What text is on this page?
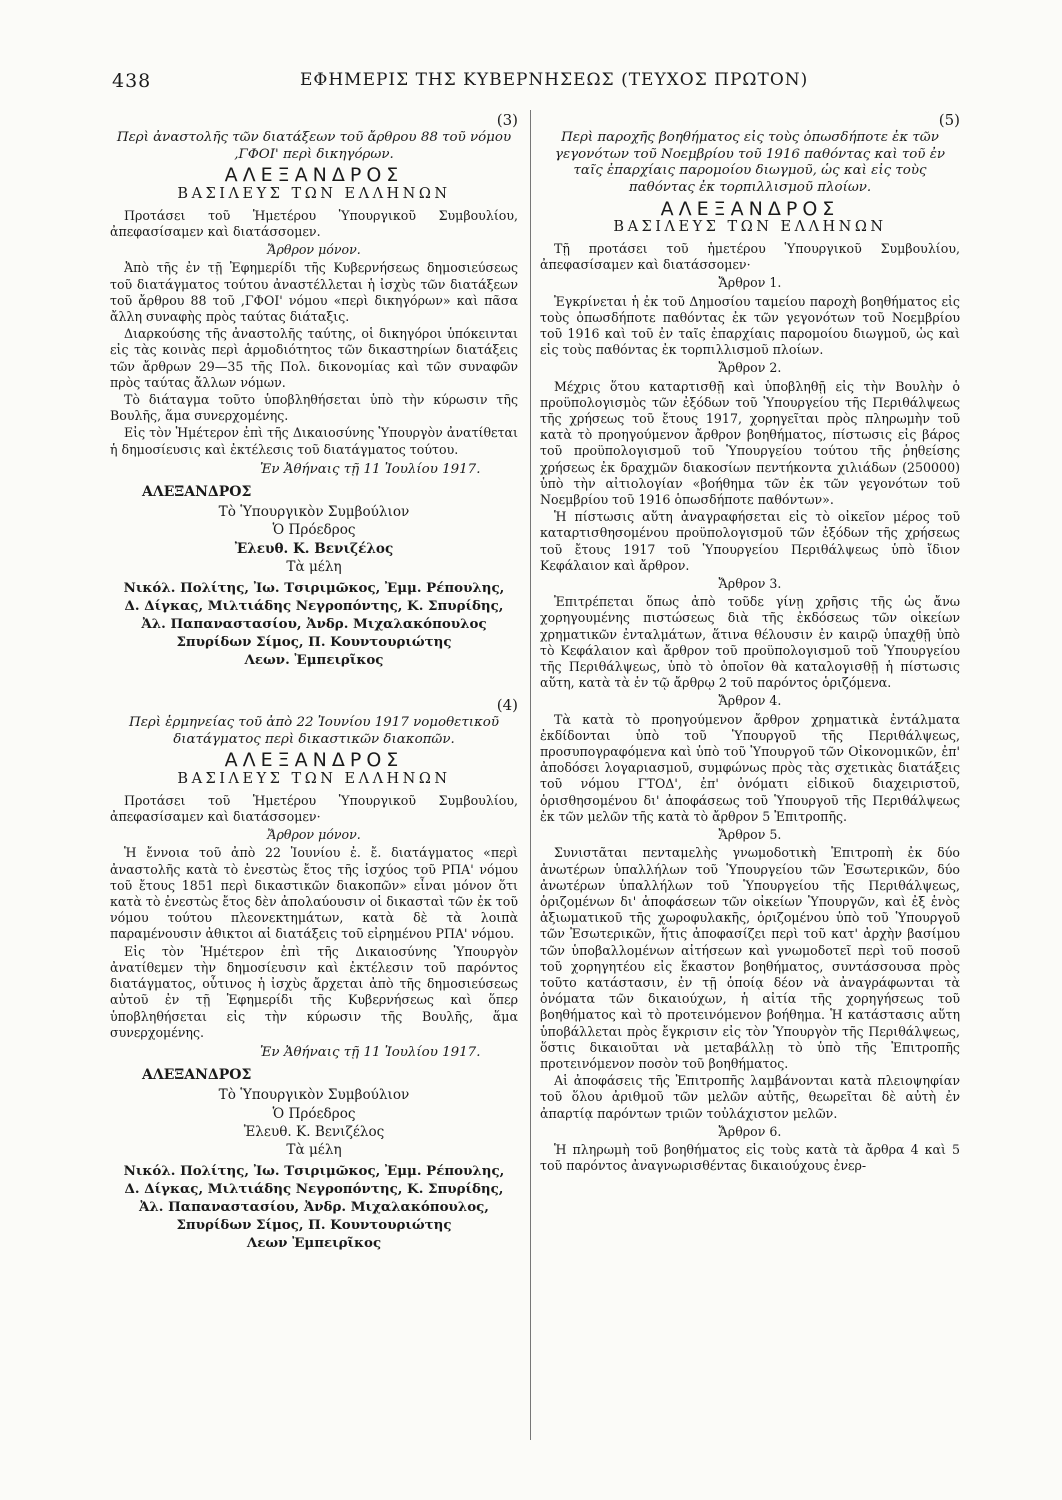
438	ΕΦΗΜΕΡΙΣ ΤΗΣ ΚΥΒΕΡΝΗΣΕΩΣ (ΤΕΥΧΟΣ ΠΡΩΤΟΝ)
(3)
Περὶ ἀναστολῆς τῶν διατάξεων τοῦ ἄρθρου 88 τοῦ νόμου ,ΓΦΟΙ' περὶ δικηγόρων.
ΑΛΕΞΑΝΔΡΟΣ
ΒΑΣΙΛΕΥΣ ΤΩΝ ΕΛΛΗΝΩΝ

Προτάσει τοῦ Ἡμετέρου Ὑπουργικοῦ Συμβουλίου, ἀπεφασίσαμεν καὶ διατάσσομεν.

Ἄρθρον μόνον.

Ἀπὸ τῆς ἐν τῇ Ἐφημερίδι τῆς Κυβερνήσεως δημοσιεύσεως τοῦ διατάγματος τούτου ἀναστέλλεται ἡ ἰσχὺς τῶν διατάξεων τοῦ ἄρθρου 88 τοῦ ,ΓΦΟΙ' νόμου «περὶ δικηγόρων» καὶ πᾶσα ἄλλη συναφὴς πρὸς ταύτας διάταξις.

Διαρκούσης τῆς ἀναστολῆς ταύτης, οἱ δικηγόροι ὑπόκεινται εἰς τὰς κοινὰς περὶ ἁρμοδιότητος τῶν δικαστηρίων διατάξεις τῶν ἄρθρων 29—35 τῆς Πολ. δικονομίας καὶ τῶν συναφῶν πρὸς ταύτας ἄλλων νόμων.

Τὸ διάταγμα τοῦτο ὑποβληθήσεται ὑπὸ τὴν κύρωσιν τῆς Βουλῆς, ἅμα συνερχομένης.

Εἰς τὸν Ἡμέτερον ἐπὶ τῆς Δικαιοσύνης Ὑπουργὸν ἀνατίθεται ἡ δημοσίευσις καὶ ἐκτέλεσις τοῦ διατάγματος τούτου.

Ἐν Ἀθήναις τῇ 11 Ἰουλίου 1917.
ΑΛΕΞΑΝΔΡΟΣ
Τὸ Ὑπουργικὸν Συμβούλιον
Ὁ Πρόεδρος
Ἐλευθ. Κ. Βενιζέλος
Τὰ μέλη
Νικόλ. Πολίτης, Ἰω. Τσιριμῶκος, Ἐμμ. Ρέπουλης,
Δ. Δίγκας, Μιλτιάδης Νεγροπόντης, Κ. Σπυρίδης,
Ἀλ. Παπαναστασίου, Ἀνδρ. Μιχαλακόπουλος
Σπυρίδων Σίμος, Π. Κουντουριώτης
Λεων. Ἐμπειρῖκος
(4)
Περὶ ἑρμηνείας τοῦ ἀπὸ 22 Ἰουνίου 1917 νομοθετικοῦ διατάγματος περὶ δικαστικῶν διακοπῶν.
ΑΛΕΞΑΝΔΡΟΣ
ΒΑΣΙΛΕΥΣ ΤΩΝ ΕΛΛΗΝΩΝ

Προτάσει τοῦ Ἡμετέρου Ὑπουργικοῦ Συμβουλίου, ἀπεφασίσαμεν καὶ διατάσσομεν·

Ἄρθρον μόνον.

Ἡ ἔννοια τοῦ ἀπὸ 22 Ἰουνίου ἐ. ἔ. διατάγματος «περὶ ἀναστολῆς κατὰ τὸ ἐνεστὼς ἔτος τῆς ἰσχύος τοῦ ΡΠΑ' νόμου τοῦ ἔτους 1851 περὶ δικαστικῶν διακοπῶν» εἶναι μόνον ὅτι κατὰ τὸ ἐνεστὼς ἔτος δὲν ἀπολαύουσιν οἱ δικασταὶ τῶν ἐκ τοῦ νόμου τούτου πλεονεκτημάτων, κατὰ δὲ τὰ λοιπὰ παραμένουσιν ἀθικτοι αἱ διατάξεις τοῦ εἰρημένου ΡΠΑ' νόμου.

Εἰς τὸν Ἡμέτερον ἐπὶ τῆς Δικαιοσύνης Ὑπουργὸν ἀνατίθεμεν τὴν δημοσίευσιν καὶ ἐκτέλεσιν τοῦ παρόντος διατάγματος, οὗτινος ἡ ἰσχὺς ἄρχεται ἀπὸ τῆς δημοσιεύσεως αὐτοῦ ἐν τῇ Ἐφημερίδι τῆς Κυβερνήσεως καὶ ὅπερ ὑποβληθήσεται εἰς τὴν κύρωσιν τῆς Βουλῆς, ἅμα συνερχομένης.

Ἐν Ἀθήναις τῇ 11 Ἰουλίου 1917.
ΑΛΕΞΑΝΔΡΟΣ
Τὸ Ὑπουργικὸν Συμβούλιον
Ὁ Πρόεδρος
Ἐλευθ. Κ. Βενιζέλος
Τὰ μέλη
Νικόλ. Πολίτης, Ἰω. Τσιριμῶκος, Ἐμμ. Ρέπουλης,
Δ. Δίγκας, Μιλτιάδης Νεγροπόντης, Κ. Σπυρίδης,
Ἀλ. Παπαναστασίου, Ἀνδρ. Μιχαλακόπουλος,
Σπυρίδων Σίμος, Π. Κουντουριώτης
Λεων Ἐμπειρῖκος
(5)
Περὶ παροχῆς βοηθήματος εἰς τοὺς ὁπωσδήποτε ἐκ τῶν γεγονότων τοῦ Νοεμβρίου τοῦ 1916 παθόντας καὶ τοῦ ἐν ταῖς ἐπαρχίαις παρομοίου διωγμοῦ, ὡς καὶ εἰς τοὺς παθόντας ἐκ τορπιλλισμοῦ πλοίων.
ΑΛΕΞΑΝΔΡΟΣ
ΒΑΣΙΛΕΥΣ ΤΩΝ ΕΛΛΗΝΩΝ

Τῇ προτάσει τοῦ ἡμετέρου Ὑπουργικοῦ Συμβουλίου, ἀπεφασίσαμεν καὶ διατάσσομεν·

Ἄρθρον 1.

Ἐγκρίνεται ἡ ἐκ τοῦ Δημοσίου ταμείου παροχὴ βοηθήματος εἰς τοὺς ὁπωσδήποτε παθόντας ἐκ τῶν γεγονότων τοῦ Νοεμβρίου τοῦ 1916 καὶ τοῦ ἐν ταῖς ἐπαρχίαις παρομοίου διωγμοῦ, ὡς καὶ εἰς τοὺς παθόντας ἐκ τορπιλλισμοῦ πλοίων.

Ἄρθρον 2.

Μέχρις ὅτου καταρτισθῇ καὶ ὑποβληθῇ εἰς τὴν Βουλὴν ὁ προϋπολογισμὸς τῶν ἐξόδων τοῦ Ὑπουργείου τῆς Περιθάλψεως τῆς χρήσεως τοῦ ἔτους 1917, χορηγεῖται πρὸς πληρωμὴν τοῦ κατὰ τὸ προηγούμενον ἄρθρον βοηθήματος, πίστωσις εἰς βάρος τοῦ προϋπολογισμοῦ τοῦ Ὑπουργείου τούτου τῆς ῥηθείσης χρήσεως ἐκ δραχμῶν διακοσίων πεντήκοντα χιλιάδων (250000) ὑπὸ τὴν αἰτιολογίαν «βοήθημα τῶν ἐκ τῶν γεγονότων τοῦ Νοεμβρίου τοῦ 1916 ὁπωσδήποτε παθόντων».

Ἡ πίστωσις αὕτη ἀναγραφήσεται εἰς τὸ οἰκεῖον μέρος τοῦ καταρτισθησομένου προϋπολογισμοῦ τῶν ἐξόδων τῆς χρήσεως τοῦ ἔτους 1917 τοῦ Ὑπουργείου Περιθάλψεως ὑπὸ ἴδιον Κεφάλαιον καὶ ἄρθρον.

Ἄρθρον 3.

Ἐπιτρέπεται ὅπως ἀπὸ τοῦδε γίνῃ χρῆσις τῆς ὡς ἄνω χορηγουμένης πιστώσεως διὰ τῆς ἐκδόσεως τῶν οἰκείων χρηματικῶν ἐνταλμάτων, ἅτινα θέλουσιν ἐν καιρῷ ὑπαχθῇ ὑπὸ τὸ Κεφάλαιον καὶ ἄρθρον τοῦ προϋπολογισμοῦ τοῦ Ὑπουργείου τῆς Περιθάλψεως, ὑπὸ τὸ ὁποῖον θὰ καταλογισθῇ ἡ πίστωσις αὕτη, κατὰ τὰ ἐν τῷ ἄρθρῳ 2 τοῦ παρόντος ὁριζόμενα.

Ἄρθρον 4.

Τὰ κατὰ τὸ προηγούμενον ἄρθρον χρηματικὰ ἐντάλματα ἐκδίδονται ὑπὸ τοῦ Ὑπουργοῦ τῆς Περιθάλψεως, προσυπογραφόμενα καὶ ὑπὸ τοῦ Ὑπουργοῦ τῶν Οἰκονομικῶν, ἐπ' ἀποδόσει λογαριασμοῦ, συμφώνως πρὸς τὰς σχετικὰς διατάξεις τοῦ νόμου ΓΤΟΔ', ἐπ' ὀνόματι εἰδικοῦ διαχειριστοῦ, ὁρισθησομένου δι' ἀποφάσεως τοῦ Ὑπουργοῦ τῆς Περιθάλψεως ἐκ τῶν μελῶν τῆς κατὰ τὸ ἄρθρον 5 Ἐπιτροπῆς.

Ἄρθρον 5.

Συνιστᾶται πενταμελὴς γνωμοδοτικὴ Ἐπιτροπὴ ἐκ δύο ἀνωτέρων ὑπαλλήλων τοῦ Ὑπουργείου τῶν Ἐσωτερικῶν, δύο ἀνωτέρων ὑπαλλήλων τοῦ Ὑπουργείου τῆς Περιθάλψεως, ὁριζομένων δι' ἀποφάσεων τῶν οἰκείων Ὑπουργῶν, καὶ ἐξ ἑνὸς ἀξιωματικοῦ τῆς χωροφυλακῆς, ὁριζομένου ὑπὸ τοῦ Ὑπουργοῦ τῶν Ἐσωτερικῶν, ἥτις ἀποφασίζει περὶ τοῦ κατ' ἀρχὴν βασίμου τῶν ὑποβαλλομένων αἰτήσεων καὶ γνωμοδοτεῖ περὶ τοῦ ποσοῦ τοῦ χορηγητέου εἰς ἕκαστον βοηθήματος, συντάσσουσα πρὸς τοῦτο κατάστασιν, ἐν τῇ ὁποίᾳ δέον νὰ ἀναγράφωνται τὰ ὀνόματα τῶν δικαιούχων, ἡ αἰτία τῆς χορηγήσεως τοῦ βοηθήματος καὶ τὸ προτεινόμενον βοήθημα. Ἡ κατάστασις αὕτη ὑποβάλλεται πρὸς ἔγκρισιν εἰς τὸν Ὑπουργὸν τῆς Περιθάλψεως, ὅστις δικαιοῦται νὰ μεταβάλλῃ τὸ ὑπὸ τῆς Ἐπιτροπῆς προτεινόμενον ποσὸν τοῦ βοηθήματος.

Αἱ ἀποφάσεις τῆς Ἐπιτροπῆς λαμβάνονται κατὰ πλειοψηφίαν τοῦ ὅλου ἀριθμοῦ τῶν μελῶν αὐτῆς, θεωρεῖται δὲ αὐτὴ ἐν ἀπαρτίᾳ παρόντων τριῶν τοὐλάχιστον μελῶν.

Ἄρθρον 6.

Ἡ πληρωμὴ τοῦ βοηθήματος εἰς τοὺς κατὰ τὰ ἄρθρα 4 καὶ 5 τοῦ παρόντος ἀναγνωρισθέντας δικαιούχους ἐνερ-
